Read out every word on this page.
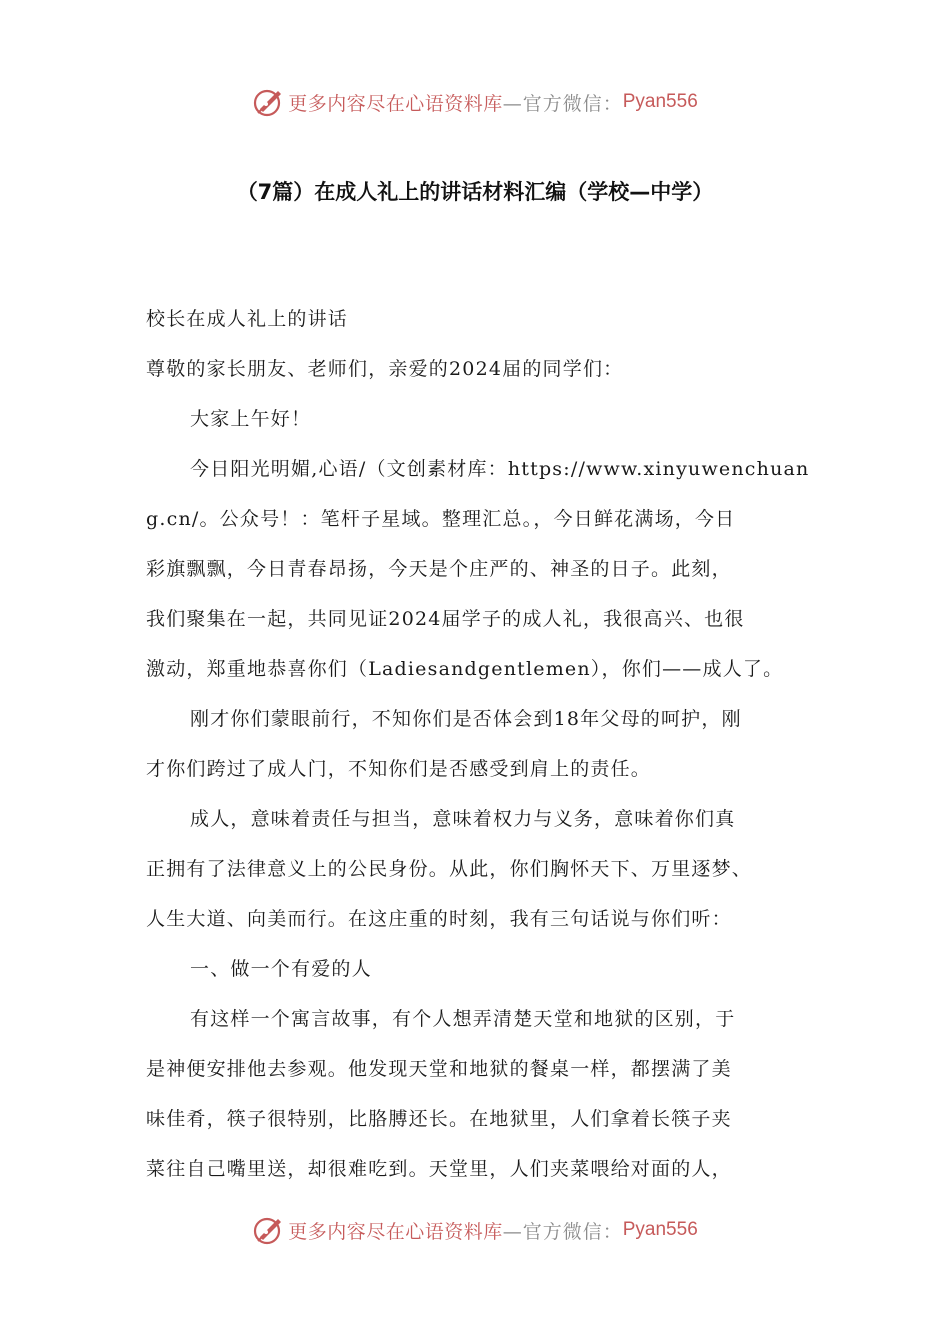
更多内容尽在心语资料库 —官方微信： Pyan556
（7篇）在成人礼上的讲话材料汇编（学校—中学）
校长在成人礼上的讲话
尊敬的家长朋友、老师们，亲爱的2024届的同学们：
大家上午好！
今日阳光明媚,心语/（文创素材库：https://www.xinyuwenchuan
g.cn/。公众号！：笔杆子星域。整理汇总。，今日鲜花满场，今日
彩旗飘飘，今日青春昂扬，今天是个庄严的、神圣的日子。此刻，
我们聚集在一起，共同见证2024届学子的成人礼，我很高兴、也很
激动，郑重地恭喜你们（Ladiesandgentlemen），你们——成人了。
刚才你们蒙眼前行，不知你们是否体会到18年父母的呵护，刚
才你们跨过了成人门，不知你们是否感受到肩上的责任。
成人，意味着责任与担当，意味着权力与义务，意味着你们真
正拥有了法律意义上的公民身份。从此，你们胸怀天下、万里逐梦、
人生大道、向美而行。在这庄重的时刻，我有三句话说与你们听：
一、做一个有爱的人
有这样一个寓言故事，有个人想弄清楚天堂和地狱的区别，于
是神便安排他去参观。他发现天堂和地狱的餐桌一样，都摆满了美
味佳肴，筷子很特别，比胳膊还长。在地狱里，人们拿着长筷子夹
菜往自己嘴里送，却很难吃到。天堂里，人们夹菜喂给对面的人，
更多内容尽在心语资料库 —官方微信： Pyan556
